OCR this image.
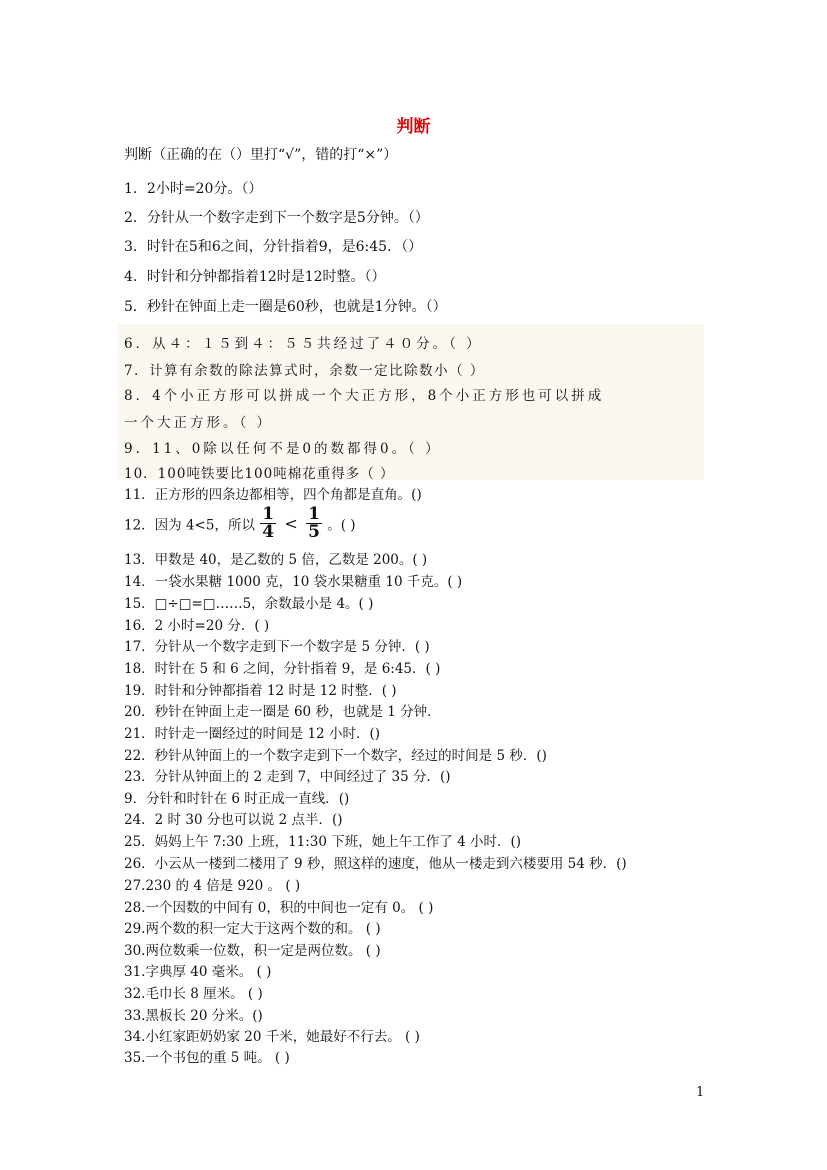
判断
判断（正确的在（）里打“√”，错的打“×”）
1．2小时=20分。（）
2．分针从一个数字走到下一个数字是5分钟。（）
3．时针在5和6之间，分针指着9，是6:45．（）
4．时针和分钟都指着12时是12时整。（）
5．秒针在钟面上走一圈是60秒，也就是1分钟。（）
6．从４：１５到４：５５共经过了４０分。（ ）
7．计算有余数的除法算式时，余数一定比除数小（ ）
8．4个小正方形可以拼成一个大正方形，8个小正方形也可以拼成
一个大正方形。（ ）
9．11、0除以任何不是0的数都得0。（ ）
10．100吨铁要比100吨棉花重得多（ ）
11．正方形的四条边都相等，四个角都是直角。()
12．因为 4<5，所以 $\frac{1}{4} < \frac{1}{5}$ 。( )
13．甲数是 40，是乙数的 5 倍，乙数是 200。( )
14．一袋水果糖 1000 克，10 袋水果糖重 10 千克。( )
15．□÷□=□……5，余数最小是 4。( )
16．2 小时=20 分．( )
17．分针从一个数字走到下一个数字是 5 分钟．( )
18．时针在 5 和 6 之间，分针指着 9，是 6:45．( )
19．时针和分钟都指着 12 时是 12 时整．( )
20．秒针在钟面上走一圈是 60 秒，也就是 1 分钟．
21．时针走一圈经过的时间是 12 小时．()
22．秒针从钟面上的一个数字走到下一个数字，经过的时间是 5 秒．()
23．分针从钟面上的 2 走到 7，中间经过了 35 分．()
9．分针和时针在 6 时正成一直线．()
24．2 时 30 分也可以说 2 点半．()
25．妈妈上午 7:30 上班，11:30 下班，她上午工作了 4 小时．()
26．小云从一楼到二楼用了 9 秒，照这样的速度，他从一楼走到六楼要用 54 秒．()
27.230 的 4 倍是 920 。 ( )
28.一个因数的中间有 0，积的中间也一定有 0。 ( )
29.两个数的积一定大于这两个数的和。 ( )
30.两位数乘一位数，积一定是两位数。 ( )
31.字典厚 40 毫米。 ( )
32.毛巾长 8 厘米。 ( )
33.黑板长 20 分米。()
34.小红家距奶奶家 20 千米，她最好不行去。 ( )
35.一个书包的重 5 吨。 ( )
1
